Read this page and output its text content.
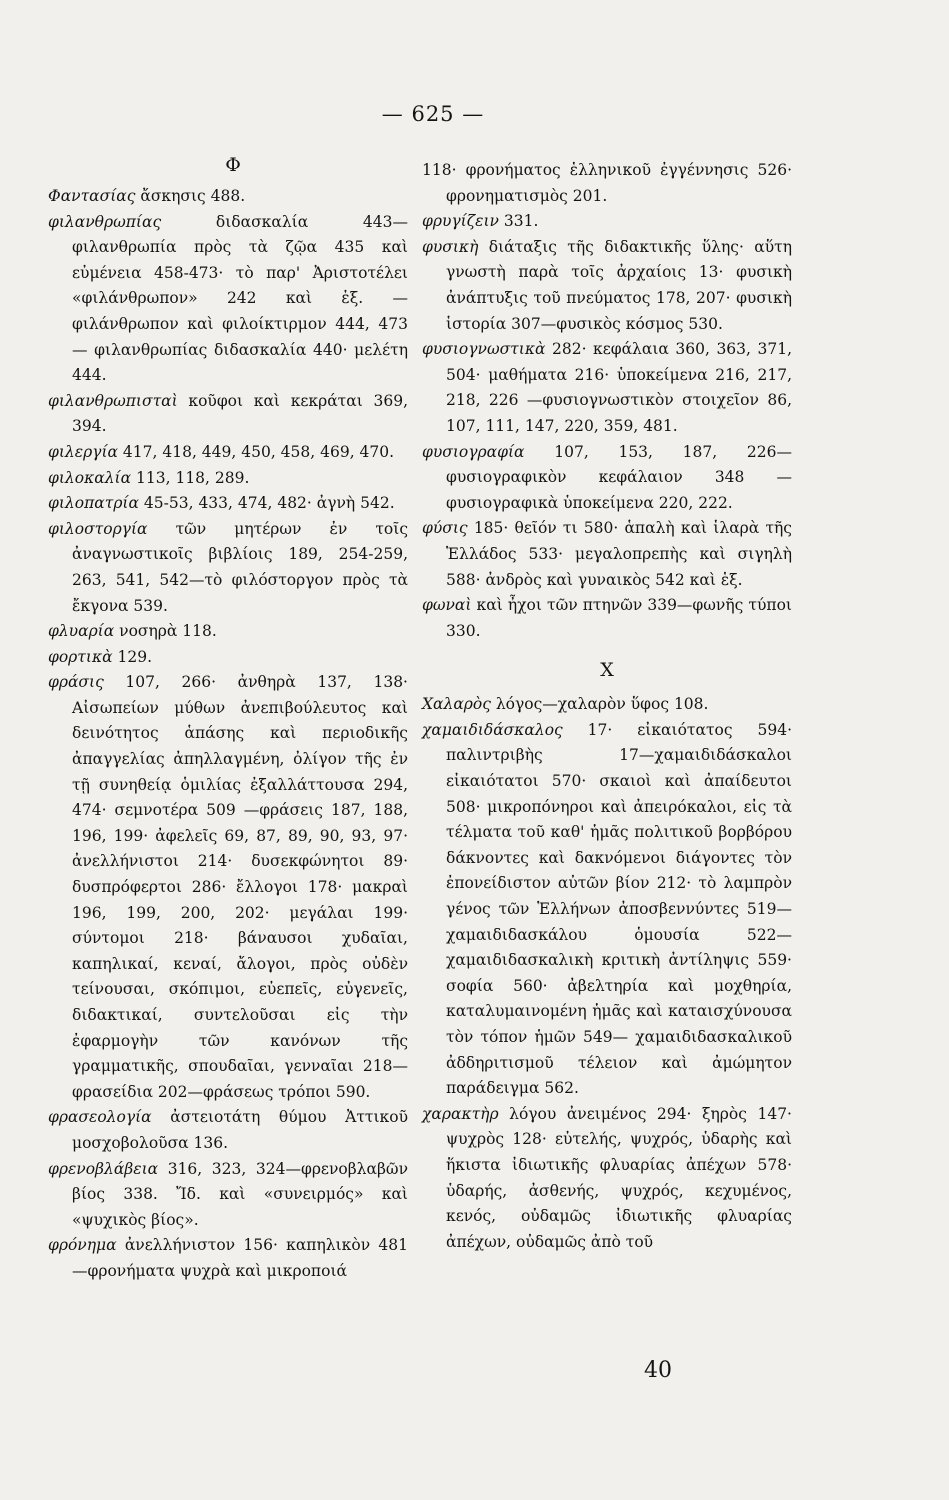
— 625 —
Φ

Φαντασίας ἄσκησις 488.

φιλανθρωπίας διδασκαλία 443—φιλανθρωπία πρὸς τὰ ζῷα 435 καὶ εὐμένεια 458-473· τὸ παρ' Ἀριστοτέλει «φιλάνθρωπον» 242 καὶ ἑξ. — φιλάνθρωπον καὶ φιλοίκτιρμον 444, 473— φιλανθρωπίας διδασκαλία 440· μελέτη 444.

φιλανθρωπισταὶ κοῦφοι καὶ κεκράται 369, 394.

φιλεργία 417, 418, 449, 450, 458, 469, 470.

φιλοκαλία 113, 118, 289.

φιλοπατρία 45-53, 433, 474, 482· ἀγνὴ 542.

φιλοστοργία τῶν μητέρων ἐν τοῖς ἀναγνωστικοῖς βιβλίοις 189, 254-259, 263, 541, 542—τὸ φιλόστοργον πρὸς τὰ ἔκγονα 539.

φλυαρία νοσηρὰ 118.

φορτικὰ 129.

φράσις 107, 266· ἀνθηρὰ 137, 138· Αἰσωπείων μύθων ἀνεπιβούλευτος καὶ δεινότητος ἁπάσης καὶ περιοδικῆς ἀπαγγελίας ἀπηλλαγμένη, ὀλίγον τῆς ἐν τῇ συνηθείᾳ ὁμιλίας ἐξαλλάττουσα 294, 474· σεμνοτέρα 509 —φράσεις 187, 188, 196, 199· ἀφελεῖς 69, 87, 89, 90, 93, 97· ἀνελλήνιστοι 214· δυσεκφώνητοι 89· δυσπρόφερτοι 286· ἔλλογοι 178· μακραὶ 196, 199, 200, 202· μεγάλαι 199· σύντομοι 218· βάναυσοι χυδαῖαι, καπηλικαί, κεναί, ἄλογοι, πρὸς οὐδὲν τείνουσαι, σκόπιμοι, εὐεπεῖς, εὐγενεῖς, διδακτικαί, συντελοῦσαι εἰς τὴν ἐφαρμογὴν τῶν κανόνων τῆς γραμματικῆς, σπουδαῖαι, γενναῖαι 218—φρασείδια 202—φράσεως τρόποι 590.

φρασεολογία ἀστειοτάτη θύμου Ἀττικοῦ μοσχοβολοῦσα 136.

φρενοβλάβεια 316, 323, 324—φρενοβλαβῶν βίος 338. Ἴδ. καὶ «συνειρμός» καὶ «ψυχικὸς βίος».

φρόνημα ἀνελλήνιστον 156· καπηλικὸν 481—φρονήματα ψυχρὰ καὶ μικροποιά

118· φρονήματος ἑλληνικοῦ ἐγγέννησις 526· φρονηματισμὸς 201.

φρυγίζειν 331.

φυσικὴ διάταξις τῆς διδακτικῆς ὕλης· αὕτη γνωστὴ παρὰ τοῖς ἀρχαίοις 13· φυσικὴ ἀνάπτυξις τοῦ πνεύματος 178, 207· φυσικὴ ἱστορία 307—φυσικὸς κόσμος 530.

φυσιογνωστικὰ 282· κεφάλαια 360, 363, 371, 504· μαθήματα 216· ὑποκείμενα 216, 217, 218, 226 —φυσιογνωστικὸν στοιχεῖον 86, 107, 111, 147, 220, 359, 481.

φυσιογραφία 107, 153, 187, 226— φυσιογραφικὸν κεφάλαιον 348 —φυσιογραφικὰ ὑποκείμενα 220, 222.

φύσις 185· θεῖόν τι 580· ἁπαλὴ καὶ ἱλαρὰ τῆς Ἑλλάδος 533· μεγαλοπρεπὴς καὶ σιγηλὴ 588· ἀνδρὸς καὶ γυναικὸς 542 καὶ ἑξ.

φωναὶ καὶ ἦχοι τῶν πτηνῶν 339—φωνῆς τύποι 330.

Χ

Χαλαρὸς λόγος—χαλαρὸν ὕφος 108.

χαμαιδιδάσκαλος 17· εἰκαιότατος 594· παλιντριβὴς 17—χαμαιδιδάσκαλοι εἰκαιότατοι 570· σκαιοὶ καὶ ἀπαίδευτοι 508· μικροπόνηροι καὶ ἀπειρόκαλοι, εἰς τὰ τέλματα τοῦ καθ' ἡμᾶς πολιτικοῦ βορβόρου δάκνοντες καὶ δακνόμενοι διάγοντες τὸν ἐπονείδιστον αὐτῶν βίον 212· τὸ λαμπρὸν γένος τῶν Ἑλλήνων ἀποσβεννύντες 519—χαμαιδιδασκάλου ὁμουσία 522—χαμαιδιδασκαλικὴ κριτικὴ ἀντίληψις 559· σοφία 560· ἀβελτηρία καὶ μοχθηρία, καταλυμαινομένη ἡμᾶς καὶ καταισχύνουσα τὸν τόπον ἡμῶν 549— χαμαιδιδασκαλικοῦ ἀδδηριτισμοῦ τέλειον καὶ ἀμώμητον παράδειγμα 562.

χαρακτὴρ λόγου ἀνειμένος 294· ξηρὸς 147· ψυχρὸς 128· εὐτελής, ψυχρός, ὑδαρὴς καὶ ἥκιστα ἰδιωτικῆς φλυαρίας ἀπέχων 578· ὑδαρής, ἀσθενής, ψυχρός, κεχυμένος, κενός, οὐδαμῶς ἰδιωτικῆς φλυαρίας ἀπέχων, οὐδαμῶς ἀπὸ τοῦ

40
